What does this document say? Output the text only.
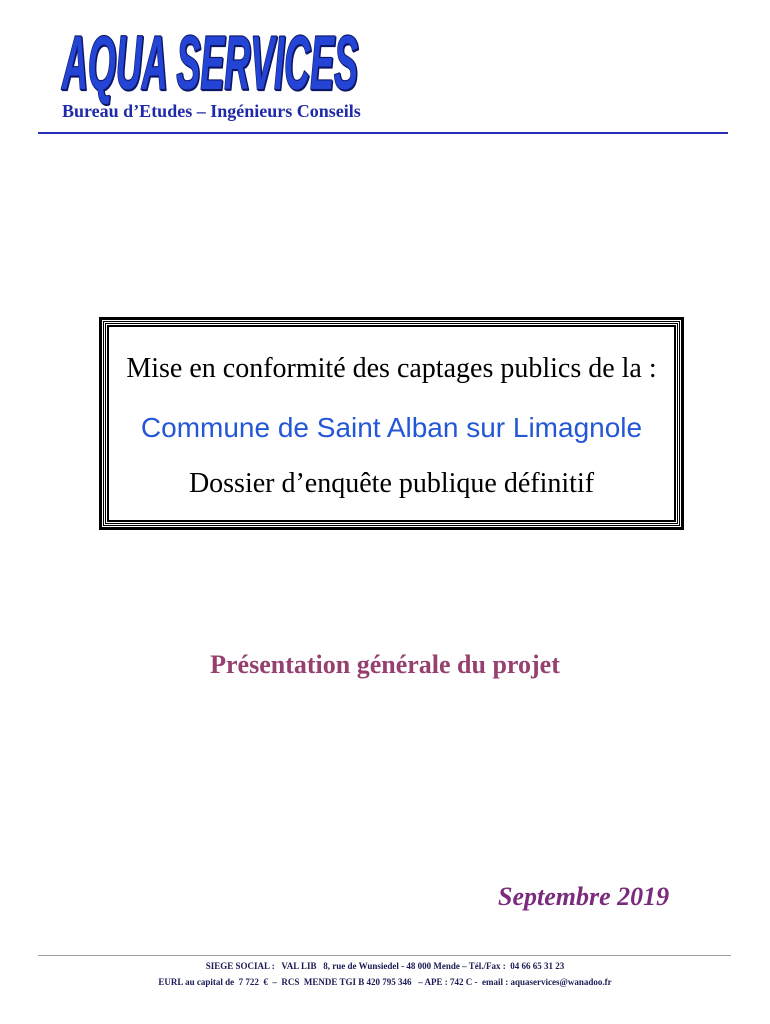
AQUA SERVICES
Bureau d’Etudes – Ingénieurs Conseils
Mise en conformité des captages publics de la :
Commune de Saint Alban sur Limagnole
Dossier d’enquête publique définitif
Présentation générale du projet
Septembre 2019
SIEGE SOCIAL :   VAL LIB   8, rue de Wunsiedel - 48 000 Mende – Tél./Fax :  04 66 65 31 23
EURL au capital de  7 722  €  –  RCS  MENDE TGI B 420 795 346   – APE : 742 C -  email : aquaservices@wanadoo.fr
